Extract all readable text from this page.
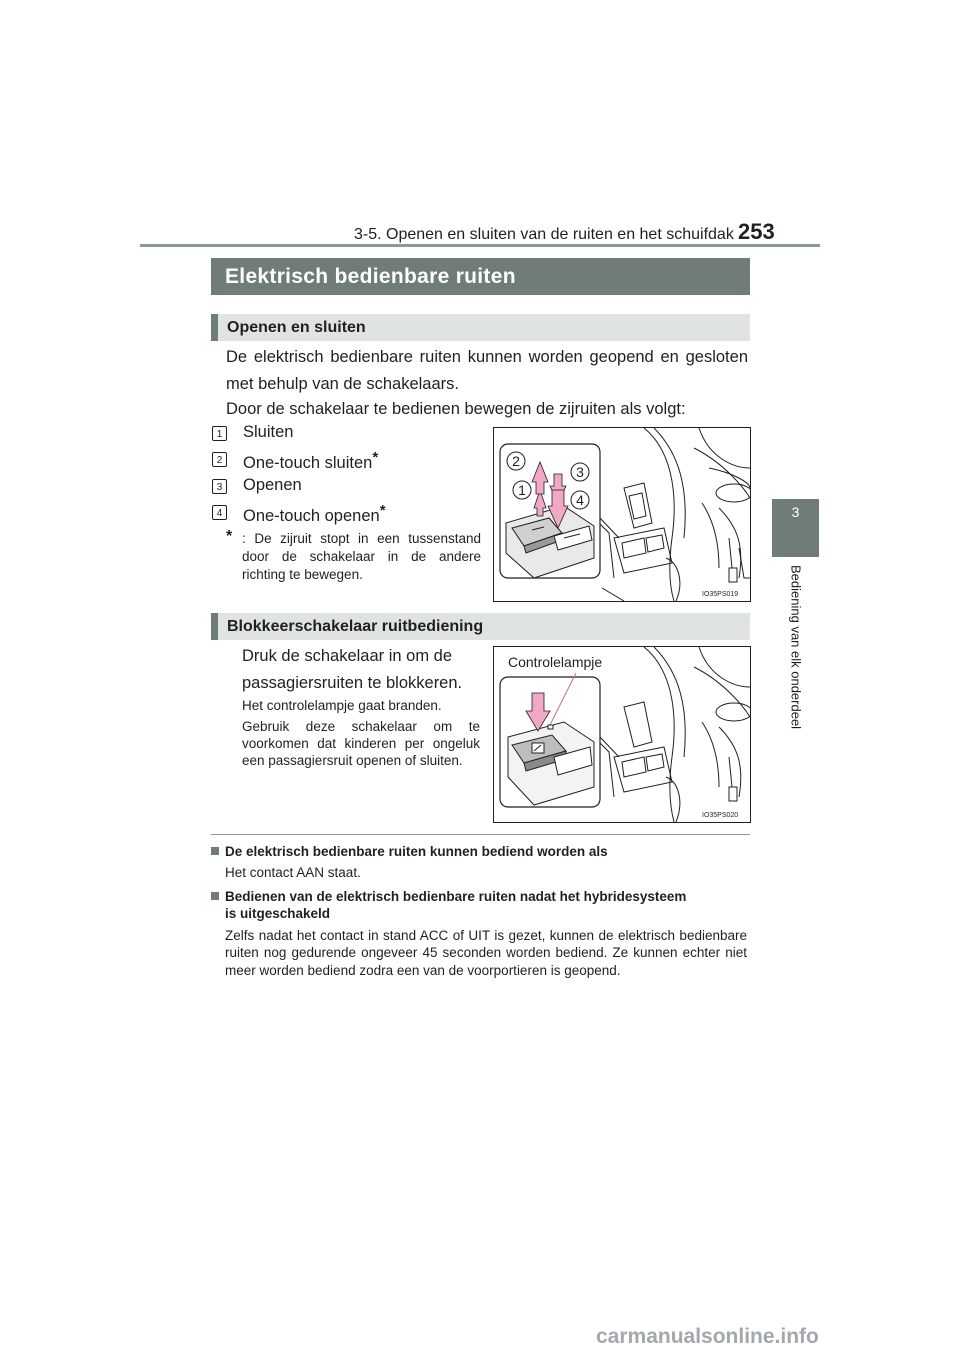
3-5. Openen en sluiten van de ruiten en het schuifdak 253
3
Bediening van elk onderdeel
Elektrisch bedienbare ruiten
Openen en sluiten
De elektrisch bedienbare ruiten kunnen worden geopend en gesloten met behulp van de schakelaars.
Door de schakelaar te bedienen bewegen de zijruiten als volgt:
1 Sluiten
2 One-touch sluiten*
3 Openen
4 One-touch openen*
* : De zijruit stopt in een tussenstand door de schakelaar in de andere richting te bewegen.
2
3
1
4
IO35PS019
Blokkeerschakelaar ruitbediening
Druk de schakelaar in om de passagiersruiten te blokkeren.
Het controlelampje gaat branden.
Gebruik deze schakelaar om te voorkomen dat kinderen per ongeluk een passagiersruit openen of sluiten.
Controlelampje
IO35PS020
De elektrisch bedienbare ruiten kunnen bediend worden als
Het contact AAN staat.
Bedienen van de elektrisch bedienbare ruiten nadat het hybridesysteem
is uitgeschakeld
Zelfs nadat het contact in stand ACC of UIT is gezet, kunnen de elektrisch bedienbare ruiten nog gedurende ongeveer 45 seconden worden bediend. Ze kunnen echter niet meer worden bediend zodra een van de voorportieren is geopend.
carmanualsonline.info
